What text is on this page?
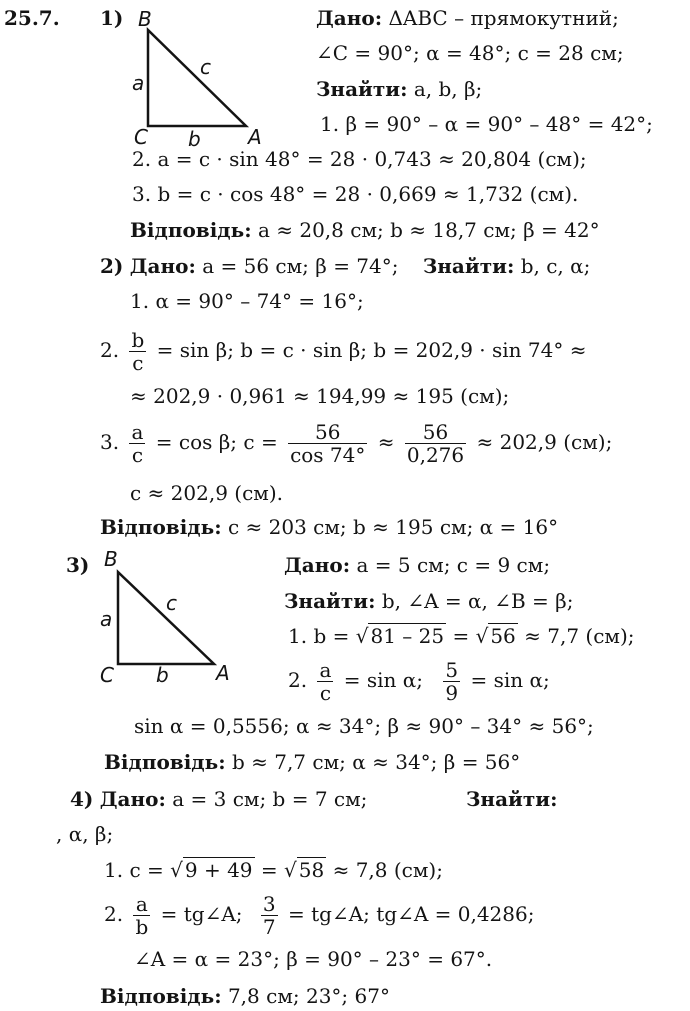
25.7. 1) B
C	A
a
b
c
Дано: ΔABC – прямокутний;
∠C = 90°; α = 48°; c = 28 см;
Знайти: a, b, β;
1. β = 90° – α = 90° – 48° = 42°;
2. a = c · sin 48° = 28 · 0,743 ≈ 20,804 (см);
3. b = c · cos 48° = 28 · 0,669 ≈ 1,732 (см).
Відповідь: a ≈ 20,8 см; b ≈ 18,7 см; β = 42°
2) Дано: a = 56 см; β = 74°; Знайти: b, c, α;
1. α = 90° – 74° = 16°;
2. $\frac{b}{c} = \sin \beta$; b = c · sin β; b = 202,9 · sin 74° ≈
≈ 202,9 · 0,961 ≈ 194,99 ≈ 195 (см);
3. $\frac{a}{c} = \cos \beta$; $c = \frac{56}{\cos 74^\circ} \approx \frac{56}{0,276} \approx 202,9$ (см);
c ≈ 202,9 (см).
Відповідь: c ≈ 203 см; b ≈ 195 см; α = 16°
3) B
C	A
a
b
c
Дано: a = 5 см; c = 9 см;
Знайти: b, ∠A = α, ∠B = β;
1. b = √ 81 – 25 = √ 56 ≈ 7,7 (см);
2. $\frac{a}{c} = \sin \alpha$; $\frac{5}{9} = \sin \alpha$;
sin α = 0,5556; α ≈ 34°; β ≈ 90° – 34° ≈ 56°;
Відповідь: b ≈ 7,7 см; α ≈ 34°; β = 56°
4) Дано: a = 3 см; b = 7 см;	Знайти:
, α, β;
1. c = √ 9 + 49 = √ 58 ≈ 7,8 (см);
2. $\frac{a}{b}$ = tg∠A; $\frac{3}{7}$ = tg∠A; tg∠A = 0,4286;
∠A = α = 23°; β = 90° – 23° = 67°.
Відповідь: 7,8 см; 23°; 67°
